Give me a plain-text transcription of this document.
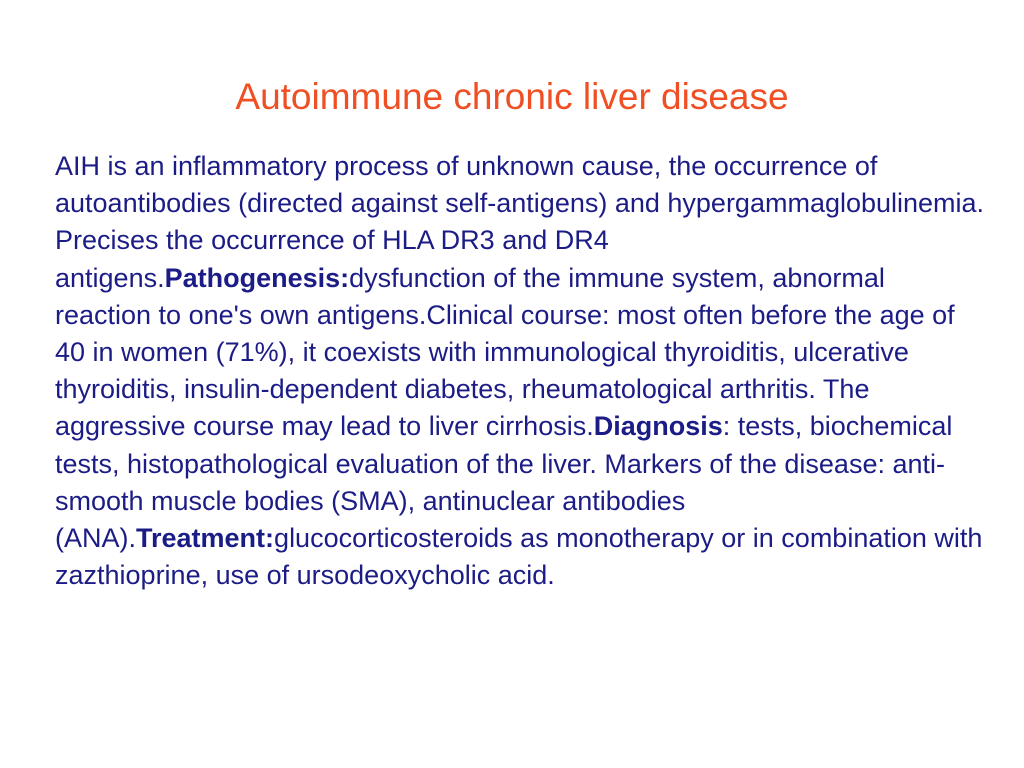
Autoimmune chronic liver disease

AIH is an inflammatory process of unknown cause, the occurrence of autoantibodies (directed against self-antigens) and hypergammaglobulinemia. Precises the occurrence of HLA DR3 and DR4 antigens.Pathogenesis:dysfunction of the immune system, abnormal reaction to one's own antigens.Clinical course: most often before the age of 40 in women (71%), it coexists with immunological thyroiditis, ulcerative thyroiditis, insulin-dependent diabetes, rheumatological arthritis. The aggressive course may lead to liver cirrhosis.Diagnosis: tests, biochemical tests, histopathological evaluation of the liver. Markers of the disease: anti-smooth muscle bodies (SMA), antinuclear antibodies (ANA).Treatment:glucocorticosteroids as monotherapy or in combination with zazthioprine, use of ursodeoxycholic acid.
